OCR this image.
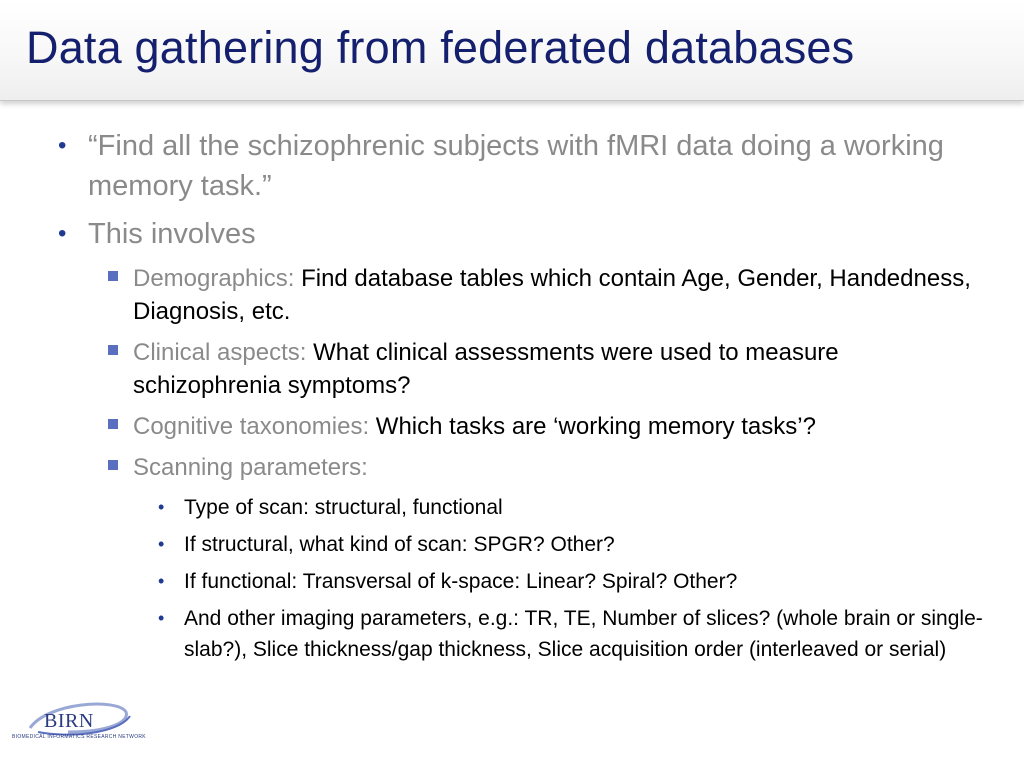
Data gathering from federated databases
• “Find all the schizophrenic subjects with fMRI data doing a working memory task.”
• This involves
Demographics: Find database tables which contain Age, Gender, Handedness, Diagnosis, etc.
Clinical aspects: What clinical assessments were used to measure schizophrenia symptoms?
Cognitive taxonomies: Which tasks are ‘working memory tasks’?
Scanning parameters:
• Type of scan: structural, functional
• If structural, what kind of scan: SPGR? Other?
• If functional: Transversal of k-space: Linear? Spiral? Other?
• And other imaging parameters, e.g.: TR, TE, Number of slices? (whole brain or single-slab?), Slice thickness/gap thickness, Slice acquisition order (interleaved or serial)
BIRN
BIOMEDICAL INFORMATICS RESEARCH NETWORK
